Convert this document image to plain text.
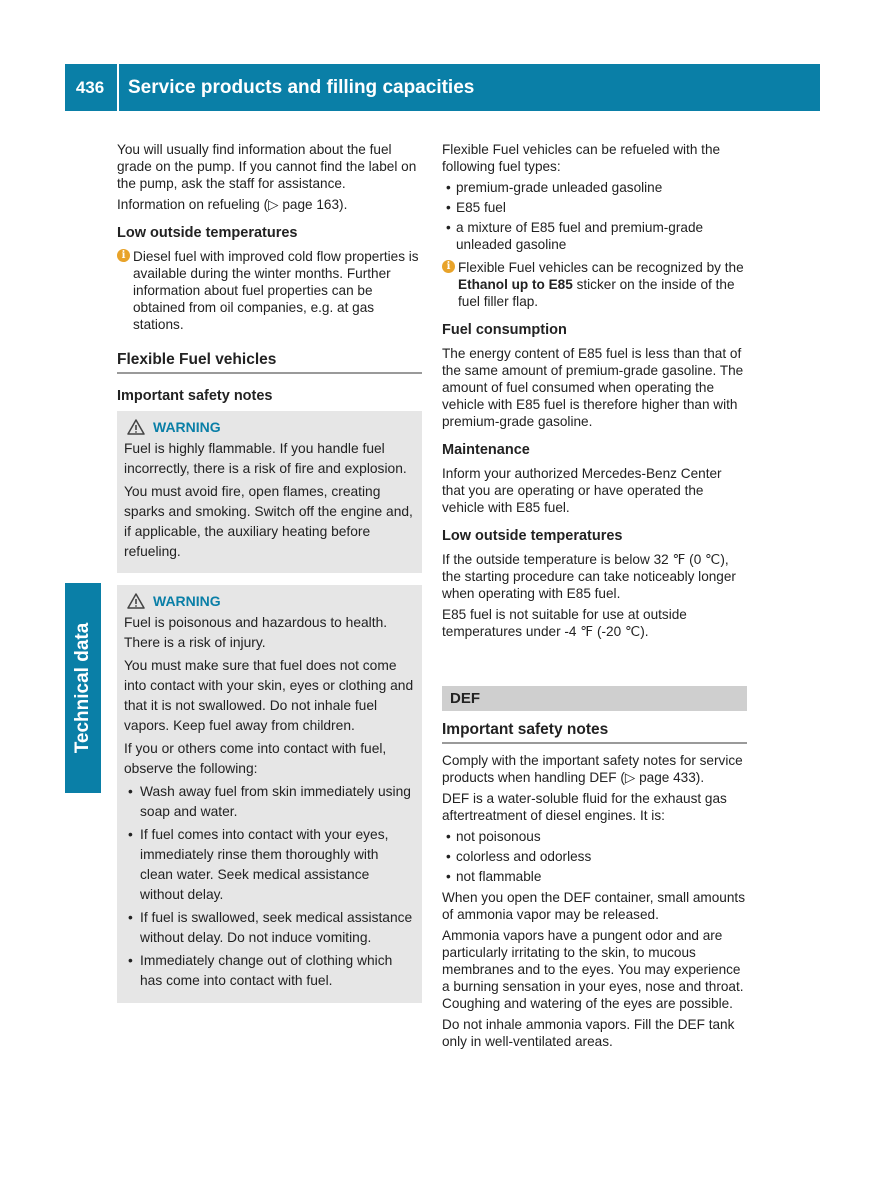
436	Service products and filling capacities
Technical data

You will usually find information about the fuel grade on the pump. If you cannot find the label on the pump, ask the staff for assistance.

Information on refueling (▷ page 163).

Low outside temperatures
i Diesel fuel with improved cold flow properties is available during the winter months. Further information about fuel properties can be obtained from oil companies, e.g. at gas stations.
Flexible Fuel vehicles
Important safety notes
WARNING

Fuel is highly flammable. If you handle fuel incorrectly, there is a risk of fire and explosion.

You must avoid fire, open flames, creating sparks and smoking. Switch off the engine and, if applicable, the auxiliary heating before refueling.

WARNING

Fuel is poisonous and hazardous to health. There is a risk of injury.

You must make sure that fuel does not come into contact with your skin, eyes or clothing and that it is not swallowed. Do not inhale fuel vapors. Keep fuel away from children.

If you or others come into contact with fuel, observe the following:

• Wash away fuel from skin immediately using soap and water.
• If fuel comes into contact with your eyes, immediately rinse them thoroughly with clean water. Seek medical assistance without delay.
• If fuel is swallowed, seek medical assistance without delay. Do not induce vomiting.
• Immediately change out of clothing which has come into contact with fuel.

Flexible Fuel vehicles can be refueled with the following fuel types:

• premium-grade unleaded gasoline
• E85 fuel
• a mixture of E85 fuel and premium-grade unleaded gasoline
i Flexible Fuel vehicles can be recognized by the Ethanol up to E85 sticker on the inside of the fuel filler flap.
Fuel consumption

The energy content of E85 fuel is less than that of the same amount of premium-grade gasoline. The amount of fuel consumed when operating the vehicle with E85 fuel is therefore higher than with premium-grade gasoline.

Maintenance

Inform your authorized Mercedes-Benz Center that you are operating or have operated the vehicle with E85 fuel.

Low outside temperatures

If the outside temperature is below 32 ℉ (0 ℃), the starting procedure can take noticeably longer when operating with E85 fuel.

E85 fuel is not suitable for use at outside temperatures under -4 ℉ (-20 ℃).

DEF
Important safety notes

Comply with the important safety notes for service products when handling DEF (▷ page 433).

DEF is a water-soluble fluid for the exhaust gas aftertreatment of diesel engines. It is:

• not poisonous
• colorless and odorless
• not flammable

When you open the DEF container, small amounts of ammonia vapor may be released.

Ammonia vapors have a pungent odor and are particularly irritating to the skin, to mucous membranes and to the eyes. You may experience a burning sensation in your eyes, nose and throat. Coughing and watering of the eyes are possible.

Do not inhale ammonia vapors. Fill the DEF tank only in well-ventilated areas.
